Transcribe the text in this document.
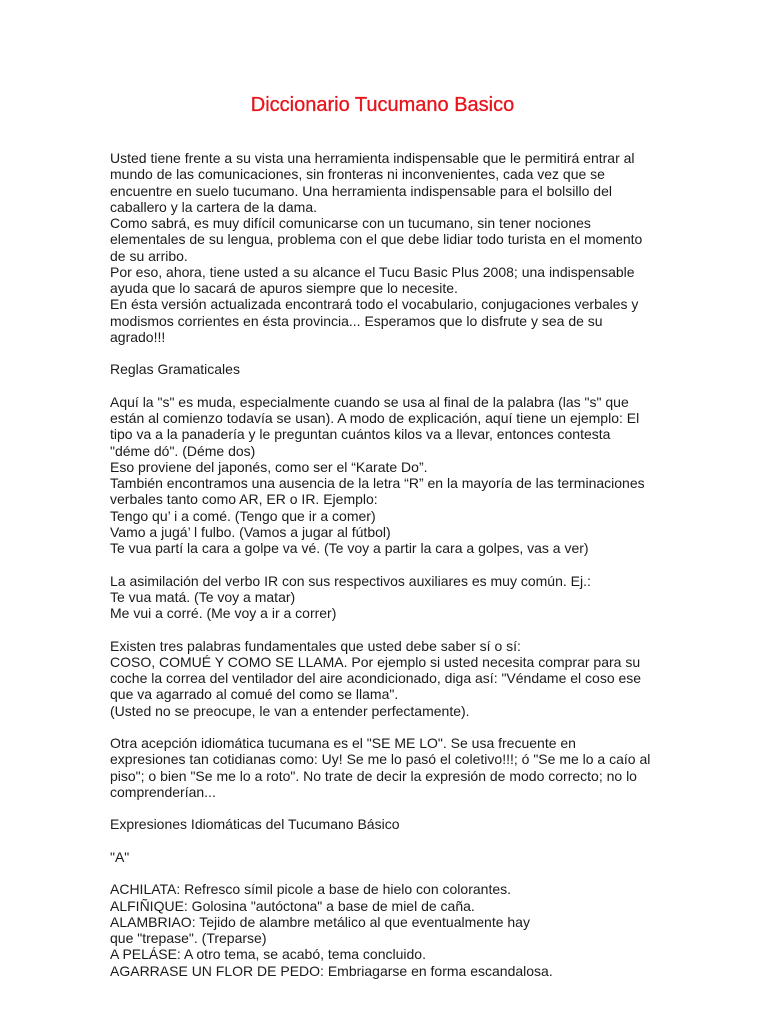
Diccionario Tucumano Basico
Usted tiene frente a su vista una herramienta indispensable que le permitirá entrar al
mundo de las comunicaciones, sin fronteras ni inconvenientes, cada vez que se
encuentre en suelo tucumano. Una herramienta indispensable para el bolsillo del
caballero y la cartera de la dama.
Como sabrá, es muy difícil comunicarse con un tucumano, sin tener nociones
elementales de su lengua, problema con el que debe lidiar todo turista en el momento
de su arribo.
Por eso, ahora, tiene usted a su alcance el Tucu Basic Plus 2008; una indispensable
ayuda que lo sacará de apuros siempre que lo necesite.
En ésta versión actualizada encontrará todo el vocabulario, conjugaciones verbales y
modismos corrientes en ésta provincia... Esperamos que lo disfrute y sea de su
agrado!!!
Reglas Gramaticales
Aquí la "s" es muda, especialmente cuando se usa al final de la palabra (las "s" que
están al comienzo todavía se usan). A modo de explicación, aquí tiene un ejemplo: El
tipo va a la panadería y le preguntan cuántos kilos va a llevar, entonces contesta
"déme dó". (Déme dos)
Eso proviene del japonés, como ser el “Karate Do”.
También encontramos una ausencia de la letra “R” en la mayoría de las terminaciones
verbales tanto como AR, ER o IR. Ejemplo:
Tengo qu’ i a comé. (Tengo que ir a comer)
Vamo a jugá’ l fulbo. (Vamos a jugar al fútbol)
Te vua partí la cara a golpe va vé. (Te voy a partir la cara a golpes, vas a ver)
La asimilación del verbo IR con sus respectivos auxiliares es muy común. Ej.:
Te vua matá. (Te voy a matar)
Me vui a corré. (Me voy a ir a correr)
Existen tres palabras fundamentales que usted debe saber sí o sí:
COSO, COMUÉ Y COMO SE LLAMA. Por ejemplo si usted necesita comprar para su
coche la correa del ventilador del aire acondicionado, diga así: "Véndame el coso ese
que va agarrado al comué del como se llama".
(Usted no se preocupe, le van a entender perfectamente).
Otra acepción idiomática tucumana es el "SE ME LO". Se usa frecuente en
expresiones tan cotidianas como: Uy! Se me lo pasó el coletivo!!!; ó "Se me lo a caío al
piso"; o bien "Se me lo a roto". No trate de decir la expresión de modo correcto; no lo
comprenderían...
Expresiones Idiomáticas del Tucumano Básico
"A"
ACHILATA: Refresco símil picole a base de hielo con colorantes.
ALFIÑIQUE: Golosina "autóctona" a base de miel de caña.
ALAMBRIAO: Tejido de alambre metálico al que eventualmente hay
que "trepase". (Treparse)
A PELÁSE: A otro tema, se acabó, tema concluido.
AGARRASE UN FLOR DE PEDO: Embriagarse en forma escandalosa.
